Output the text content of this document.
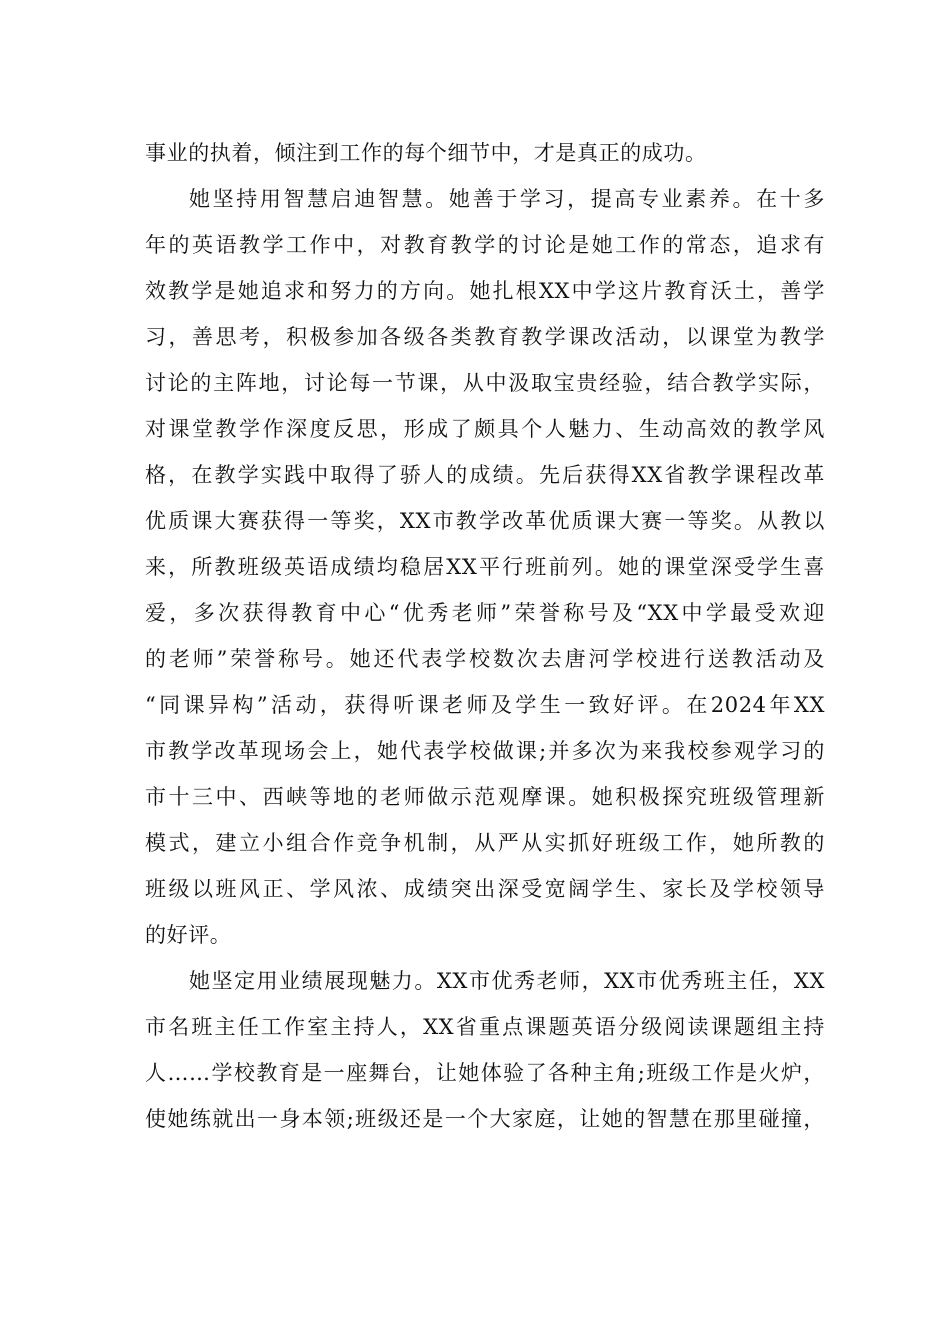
事业的执着，倾注到工作的每个细节中，才是真正的成功。
她坚持用智慧启迪智慧。她善于学习，提高专业素养。在十多
年的英语教学工作中，对教育教学的讨论是她工作的常态，追求有
效教学是她追求和努力的方向。她扎根XX中学这片教育沃土，善学
习，善思考，积极参加各级各类教育教学课改活动，以课堂为教学
讨论的主阵地，讨论每一节课，从中汲取宝贵经验，结合教学实际，
对课堂教学作深度反思，形成了颇具个人魅力、生动高效的教学风
格，在教学实践中取得了骄人的成绩。先后获得XX省教学课程改革
优质课大赛获得一等奖，XX市教学改革优质课大赛一等奖。从教以
来，所教班级英语成绩均稳居XX平行班前列。她的课堂深受学生喜
爱，多次获得教育中心“优秀老师”荣誉称号及“XX中学最受欢迎
的老师”荣誉称号。她还代表学校数次去唐河学校进行送教活动及
“同课异构”活动，获得听课老师及学生一致好评。在2024年XX
市教学改革现场会上，她代表学校做课;并多次为来我校参观学习的
市十三中、西峡等地的老师做示范观摩课。她积极探究班级管理新
模式，建立小组合作竞争机制，从严从实抓好班级工作，她所教的
班级以班风正、学风浓、成绩突出深受宽阔学生、家长及学校领导
的好评。
她坚定用业绩展现魅力。XX市优秀老师，XX市优秀班主任，XX
市名班主任工作室主持人，XX省重点课题英语分级阅读课题组主持
人……学校教育是一座舞台，让她体验了各种主角;班级工作是火炉，
使她练就出一身本领;班级还是一个大家庭，让她的智慧在那里碰撞，
